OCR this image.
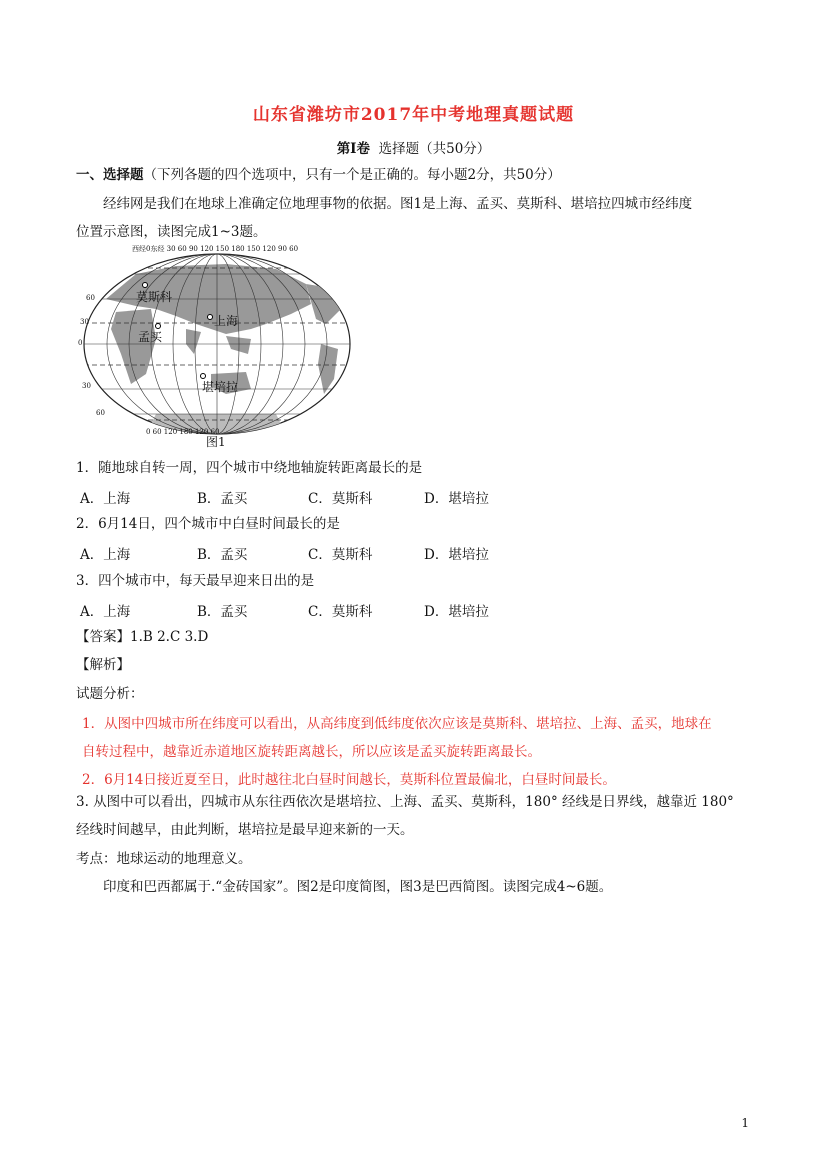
山东省潍坊市2017年中考地理真题试题
第Ⅰ卷 选择题（共50分）
一、选择题（下列各题的四个选项中，只有一个是正确的。每小题2分，共50分）
经纬网是我们在地球上准确定位地理事物的依据。图1是上海、孟买、莫斯科、堪培拉四城市经纬度
位置示意图，读图完成1~3题。
西经0东经 30 60 90 120 150 180 150 120 90 60
0 60 120 180 120 60
60
30
0
30
60
莫斯科
上海
孟买
堪培拉
图1
1．随地球自转一周，四个城市中绕地轴旋转距离最长的是
A．上海	B．孟买	C．莫斯科	D．堪培拉
2．6月14日，四个城市中白昼时间最长的是
A．上海	B．孟买	C．莫斯科	D．堪培拉
3．四个城市中，每天最早迎来日出的是
A．上海	B．孟买	C．莫斯科	D．堪培拉
【答案】1.B 2.C 3.D
【解析】
试题分析：
1．从图中四城市所在纬度可以看出，从高纬度到低纬度依次应该是莫斯科、堪培拉、上海、孟买，地球在
自转过程中，越靠近赤道地区旋转距离越长，所以应该是孟买旋转距离最长。
2．6月14日接近夏至日，此时越往北白昼时间越长，莫斯科位置最偏北，白昼时间最长。
3. 从图中可以看出，四城市从东往西依次是堪培拉、上海、孟买、莫斯科，180° 经线是日界线，越靠近 180°
经线时间越早，由此判断，堪培拉是最早迎来新的一天。
考点：地球运动的地理意义。
印度和巴西都属于.“金砖国家”。图2是印度简图，图3是巴西简图。读图完成4~6题。
1
